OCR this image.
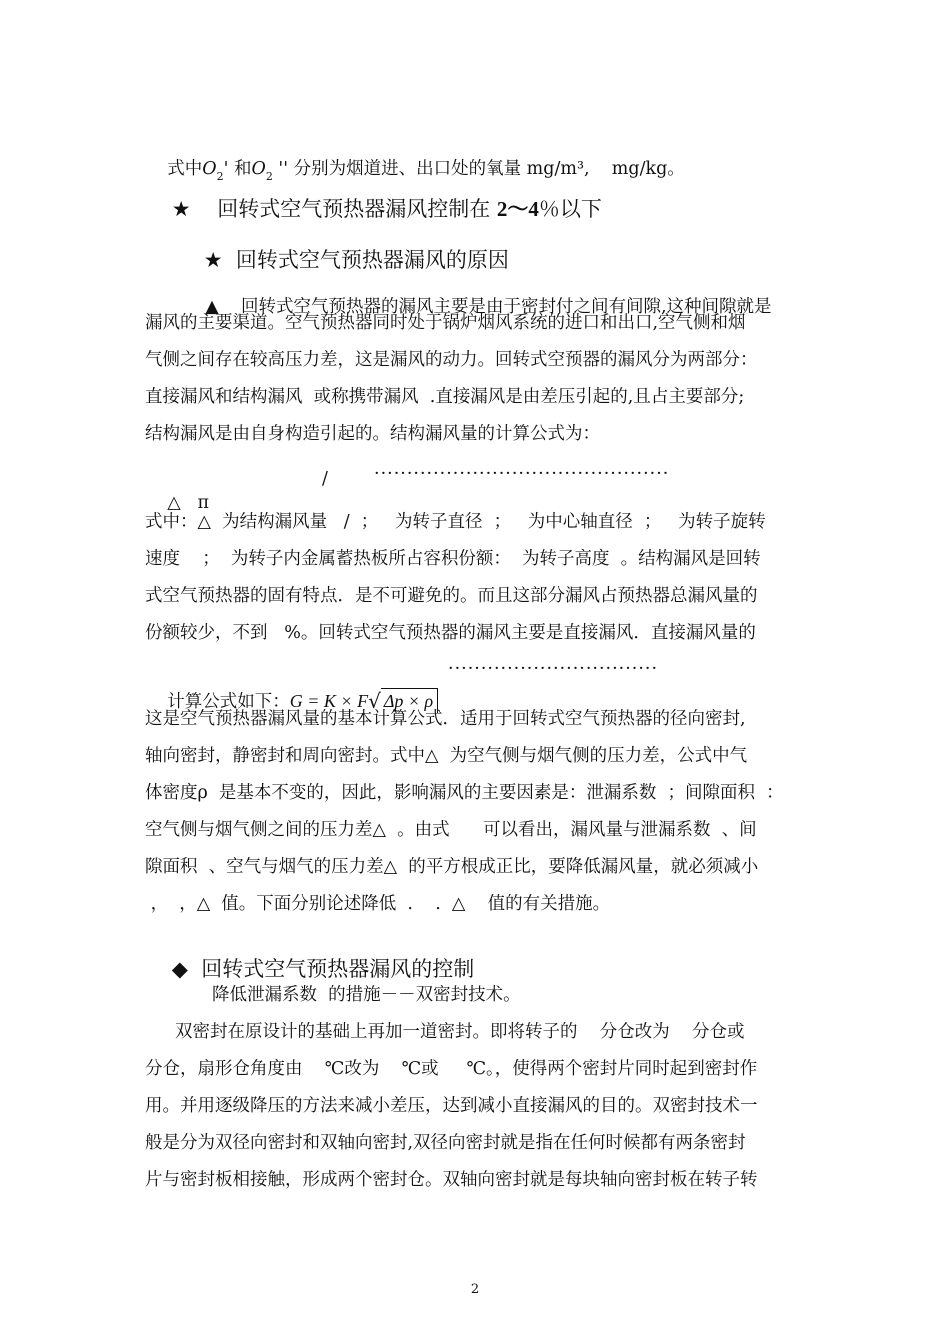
式中$O_2'$ 和$O_2$ '' 分别为烟道进、出口处的氧量 mg/m³,    mg/kg。

★ 回转式空气预热器漏风控制在 2～4％以下

★ 回转式空气预热器漏风的原因

▲ 回转式空气预热器的漏风主要是由于密封付之间有间隙,这种间隙就是

漏风的主要渠道。空气预热器同时处于锅炉烟风系统的进口和出口,空气侧和烟
气侧之间存在较高压力差，这是漏风的动力。回转式空预器的漏风分为两部分：
直接漏风和结构漏风  或称携带漏风  .直接漏风是由差压引起的,且占主要部分;
结构漏风是由自身构造引起的。结构漏风量的计算公式为：

△ π

/	·············································
式中：△  为结构漏风量   /  ；   为转子直径  ；   为中心轴直径  ；   为转子旋转
速度    ；  为转子内金属蓄热板所占容积份额：  为转子高度  。结构漏风是回转
式空气预热器的固有特点．是不可避免的。而且这部分漏风占预热器总漏风量的
份额较少，不到   %。回转式空气预热器的漏风主要是直接漏风．直接漏风量的

计算公式如下：G = K × F√ Δp × ρ

································
这是空气预热器漏风量的基本计算公式．适用于回转式空气预热器的径向密封,
轴向密封，静密封和周向密封。式中△  为空气侧与烟气侧的压力差，公式中气
体密度ρ  是基本不变的，因此，影响漏风的主要因素是：泄漏系数  ；间隙面积  ：
空气侧与烟气侧之间的压力差△  。由式      可以看出，漏风量与泄漏系数  、间
隙面积  、空气与烟气的压力差△  的平方根成正比，要降低漏风量，就必须减小
，  ，△  值。下面分别论述降低  .    .  △    值的有关措施。

◆ 回转式空气预热器漏风的控制

降低泄漏系数  的措施－－双密封技术。
双密封在原设计的基础上再加一道密封。即将转子的    分仓改为    分仓或
分仓，扇形仓角度由    ℃改为    ℃或     ℃。，使得两个密封片同时起到密封作
用。并用逐级降压的方法来减小差压，达到减小直接漏风的目的。双密封技术一
般是分为双径向密封和双轴向密封,双径向密封就是指在任何时候都有两条密封
片与密封板相接触，形成两个密封仓。双轴向密封就是每块轴向密封板在转子转
2
